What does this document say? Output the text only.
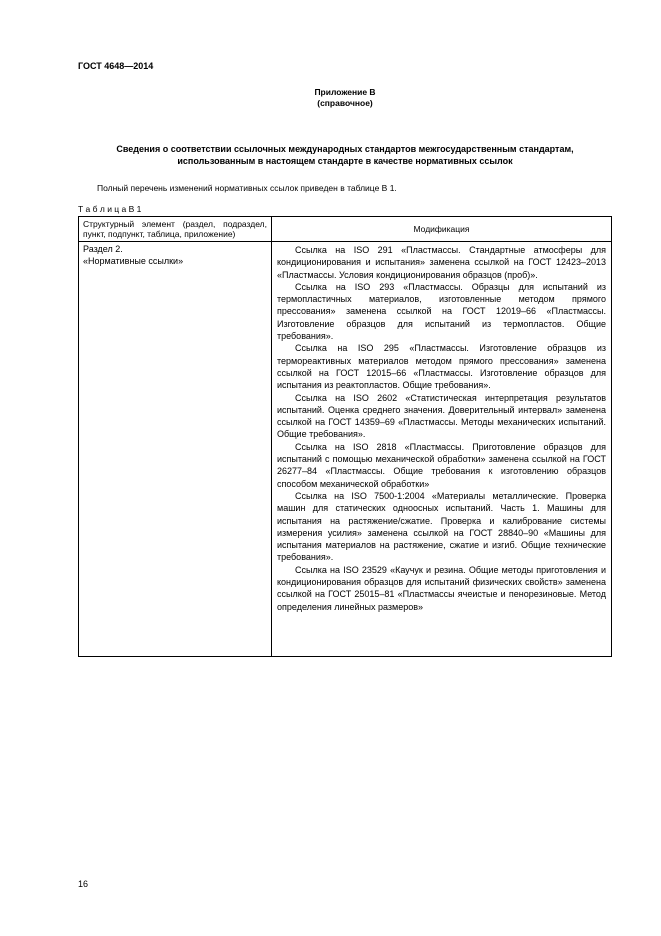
ГОСТ 4648—2014
Приложение В
(справочное)
Сведения о соответствии ссылочных международных стандартов межгосударственным стандартам, использованным в настоящем стандарте в качестве нормативных ссылок
Полный перечень изменений нормативных ссылок приведен в таблице В 1.
Т а б л и ц а В 1
Структурный элемент (раздел, подраздел, пункт, подпункт, таблица, приложение)	Модификация
Раздел 2.
«Нормативные ссылки»

Ссылка на ISO 291 «Пластмассы. Стандартные атмосферы для кондиционирования и испытания» заменена ссылкой на ГОСТ 12423–2013 «Пластмассы. Условия кондиционирования образцов (проб)».

Ссылка на ISO 293 «Пластмассы. Образцы для испытаний из термопластичных материалов, изготовленные методом прямого прессования» заменена ссылкой на ГОСТ 12019–66 «Пластмассы. Изготовление образцов для испытаний из термопластов. Общие требования».

Ссылка на ISO 295 «Пластмассы. Изготовление образцов из термореактивных материалов методом прямого прессования» заменена ссылкой на ГОСТ 12015–66 «Пластмассы. Изготовление образцов для испытания из реактопластов. Общие требования».

Ссылка на ISO 2602 «Статистическая интерпретация результатов испытаний. Оценка среднего значения. Доверительный интервал» заменена ссылкой на ГОСТ 14359–69 «Пластмассы. Методы механических испытаний. Общие требования».

Ссылка на ISO 2818 «Пластмассы. Приготовление образцов для испытаний с помощью механической обработки» заменена ссылкой на ГОСТ 26277–84 «Пластмассы. Общие требования к изготовлению образцов способом механической обработки»

Ссылка на ISO 7500-1:2004 «Материалы металлические. Проверка машин для статических одноосных испытаний. Часть 1. Машины для испытания на растяжение/сжатие. Проверка и калибрование системы измерения усилия» заменена ссылкой на ГОСТ 28840–90 «Машины для испытания материалов на растяжение, сжатие и изгиб. Общие технические требования».

Ссылка на ISO 23529 «Каучук и резина. Общие методы приготовления и кондиционирования образцов для испытаний физических свойств» заменена ссылкой на ГОСТ 25015–81 «Пластмассы ячеистые и пенорезиновые. Метод определения линейных размеров»

16
